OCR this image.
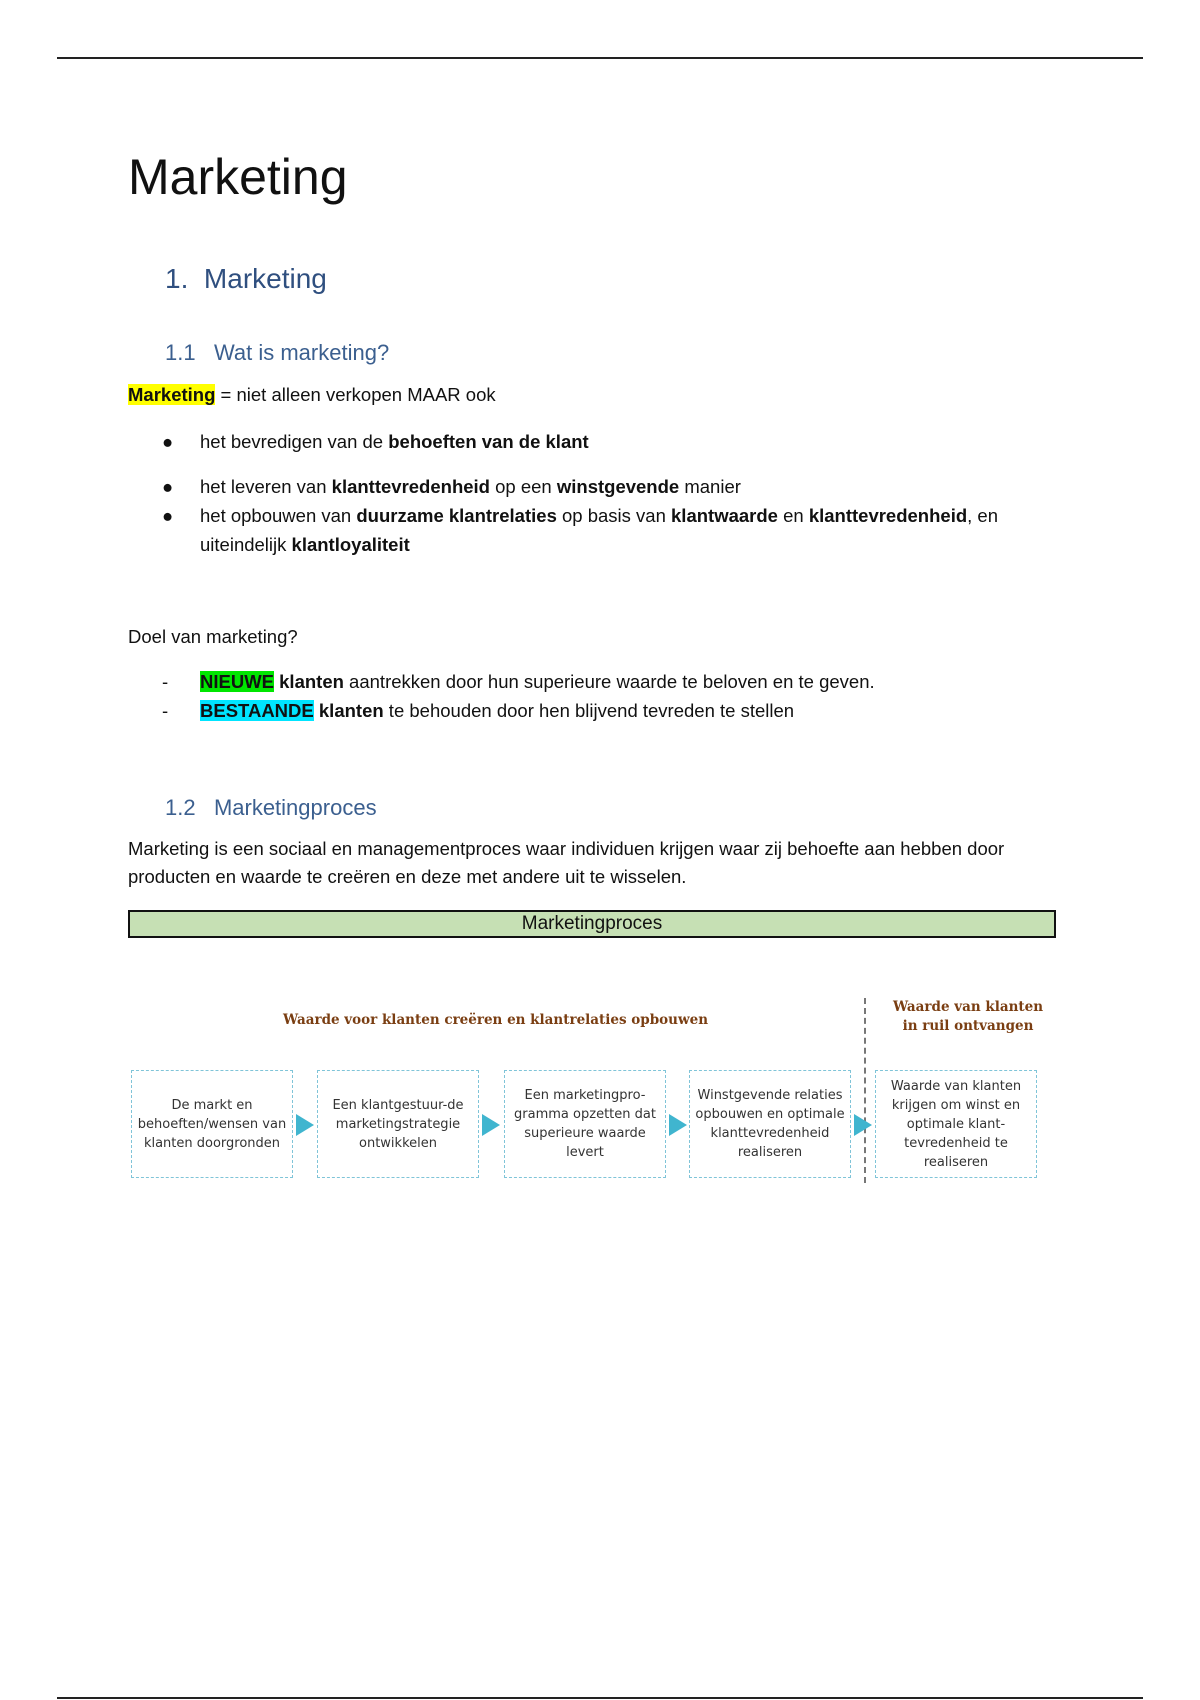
Marketing
1. Marketing
1.1 Wat is marketing?
Marketing = niet alleen verkopen MAAR ook
● het bevredigen van de behoeften van de klant
● het leveren van klanttevredenheid op een winstgevende manier
● het opbouwen van duurzame klantrelaties op basis van klantwaarde en klanttevredenheid, en uiteindelijk klantloyaliteit
Doel van marketing?
- NIEUWE klanten aantrekken door hun superieure waarde te beloven en te geven.
- BESTAANDE klanten te behouden door hen blijvend tevreden te stellen
1.2 Marketingproces
Marketing is een sociaal en managementproces waar individuen krijgen waar zij behoefte aan hebben door producten en waarde te creëren en deze met andere uit te wisselen.
Marketingproces
Waarde voor klanten creëren en klantrelaties opbouwen
Waarde van klanten in ruil ontvangen
De markt en behoeften/wensen van klanten doorgronden
Een klantgestuur-de marketingstrategie ontwikkelen
Een marketingpro-gramma opzetten dat superieure waarde levert
Winstgevende relaties opbouwen en optimale klanttevredenheid realiseren
Waarde van klanten krijgen om winst en optimale klant-tevredenheid te realiseren
